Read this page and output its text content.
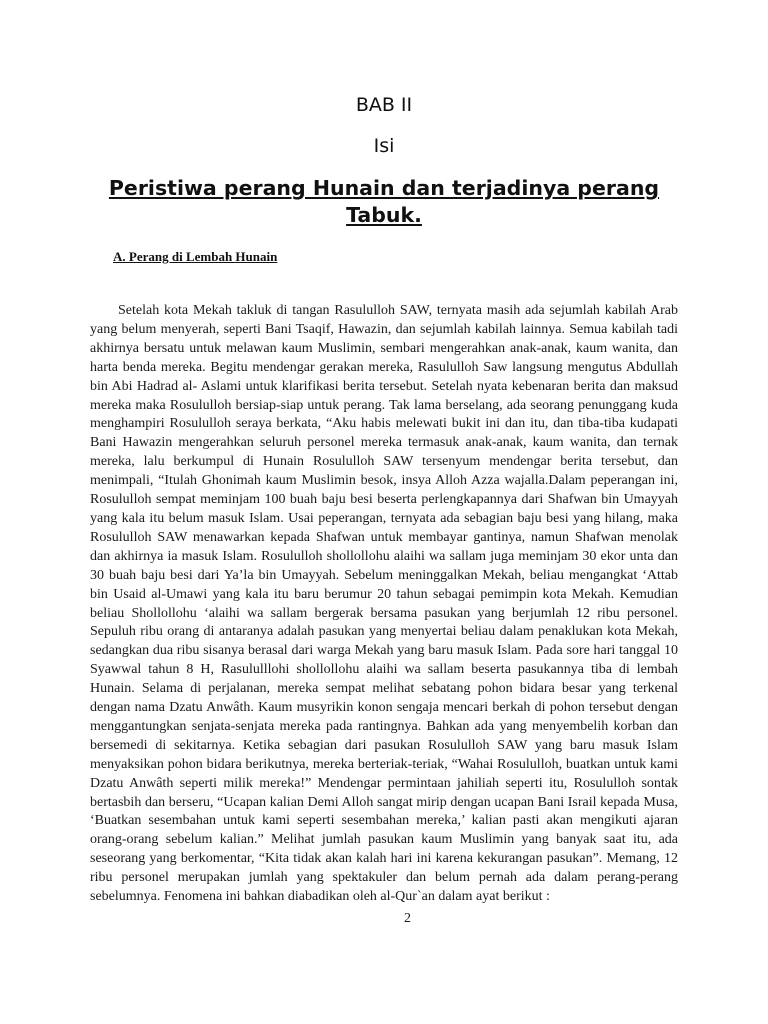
BAB II
Isi
Peristiwa perang Hunain dan terjadinya perang Tabuk.
A. Perang di Lembah Hunain

Setelah kota Mekah takluk di tangan Rasululloh SAW, ternyata masih ada sejumlah kabilah Arab yang belum menyerah, seperti Bani Tsaqif, Hawazin, dan sejumlah kabilah lainnya. Semua kabilah tadi akhirnya bersatu untuk melawan kaum Muslimin, sembari mengerahkan anak-anak, kaum wanita, dan harta benda mereka. Begitu mendengar gerakan mereka, Rasululloh Saw langsung mengutus Abdullah bin Abi Hadrad al- Aslami untuk klarifikasi berita tersebut. Setelah nyata kebenaran berita dan maksud mereka maka Rosululloh bersiap-siap untuk perang. Tak lama berselang, ada seorang penunggang kuda menghampiri Rosululloh seraya berkata, “Aku habis melewati bukit ini dan itu, dan tiba-tiba kudapati Bani Hawazin mengerahkan seluruh personel mereka termasuk anak-anak, kaum wanita, dan ternak mereka, lalu berkumpul di Hunain Rosululloh SAW tersenyum mendengar berita tersebut, dan menimpali, “Itulah Ghonimah kaum Muslimin besok, insya Alloh Azza wajalla.Dalam peperangan ini, Rosululloh sempat meminjam 100 buah baju besi beserta perlengkapannya dari Shafwan bin Umayyah yang kala itu belum masuk Islam. Usai peperangan, ternyata ada sebagian baju besi yang hilang, maka Rosululloh SAW menawarkan kepada Shafwan untuk membayar gantinya, namun Shafwan menolak dan akhirnya ia masuk Islam. Rosululloh shollollohu alaihi wa sallam juga meminjam 30 ekor unta dan 30 buah baju besi dari Ya’la bin Umayyah. Sebelum meninggalkan Mekah, beliau mengangkat ‘Attab bin Usaid al-Umawi yang kala itu baru berumur 20 tahun sebagai pemimpin kota Mekah. Kemudian beliau Shollollohu ‘alaihi wa sallam bergerak bersama pasukan yang berjumlah 12 ribu personel. Sepuluh ribu orang di antaranya adalah pasukan yang menyertai beliau dalam penaklukan kota Mekah, sedangkan dua ribu sisanya berasal dari warga Mekah yang baru masuk Islam. Pada sore hari tanggal 10 Syawwal tahun 8 H, Rasululllohi shollollohu alaihi wa sallam beserta pasukannya tiba di lembah Hunain. Selama di perjalanan, mereka sempat melihat sebatang pohon bidara besar yang terkenal dengan nama Dzatu Anwâth. Kaum musyrikin konon sengaja mencari berkah di pohon tersebut dengan menggantungkan senjata-senjata mereka pada rantingnya. Bahkan ada yang menyembelih korban dan bersemedi di sekitarnya. Ketika sebagian dari pasukan Rosululloh SAW yang baru masuk Islam menyaksikan pohon bidara berikutnya, mereka berteriak-teriak, “Wahai Rosululloh, buatkan untuk kami Dzatu Anwâth seperti milik mereka!” Mendengar permintaan jahiliah seperti itu, Rosululloh sontak bertasbih dan berseru, “Ucapan kalian Demi Alloh sangat mirip dengan ucapan Bani Israil kepada Musa, ‘Buatkan sesembahan untuk kami seperti sesembahan mereka,’ kalian pasti akan mengikuti ajaran orang-orang sebelum kalian.” Melihat jumlah pasukan kaum Muslimin yang banyak saat itu, ada seseorang yang berkomentar, “Kita tidak akan kalah hari ini karena kekurangan pasukan”. Memang, 12 ribu personel merupakan jumlah yang spektakuler dan belum pernah ada dalam perang-perang sebelumnya. Fenomena ini bahkan diabadikan oleh al-Qur`an dalam ayat berikut :

2
